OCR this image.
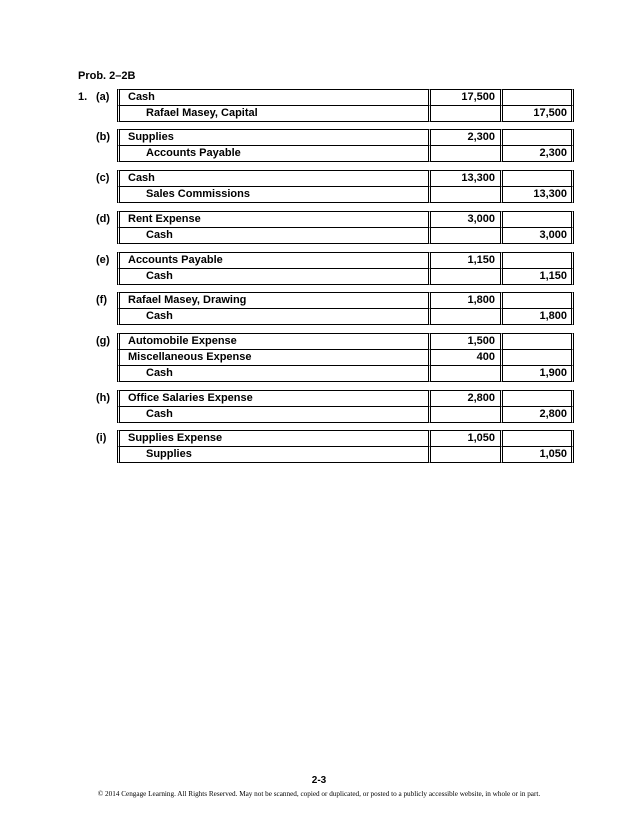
Prob. 2–2B
1. (a) Cash	17,500	
Rafael Masey, Capital		17,500
(b) Supplies	2,300	
Accounts Payable		2,300
(c) Cash	13,300	
Sales Commissions		13,300
(d) Rent Expense	3,000	
Cash		3,000
(e) Accounts Payable	1,150	
Cash		1,150
(f) Rafael Masey, Drawing	1,800	
Cash		1,800
(g) Automobile Expense	1,500	
Miscellaneous Expense	400	
Cash		1,900
(h) Office Salaries Expense	2,800	
Cash		2,800
(i) Supplies Expense	1,050	
Supplies		1,050
2-3
© 2014 Cengage Learning. All Rights Reserved. May not be scanned, copied or duplicated, or posted to a publicly accessible website, in whole or in part.
